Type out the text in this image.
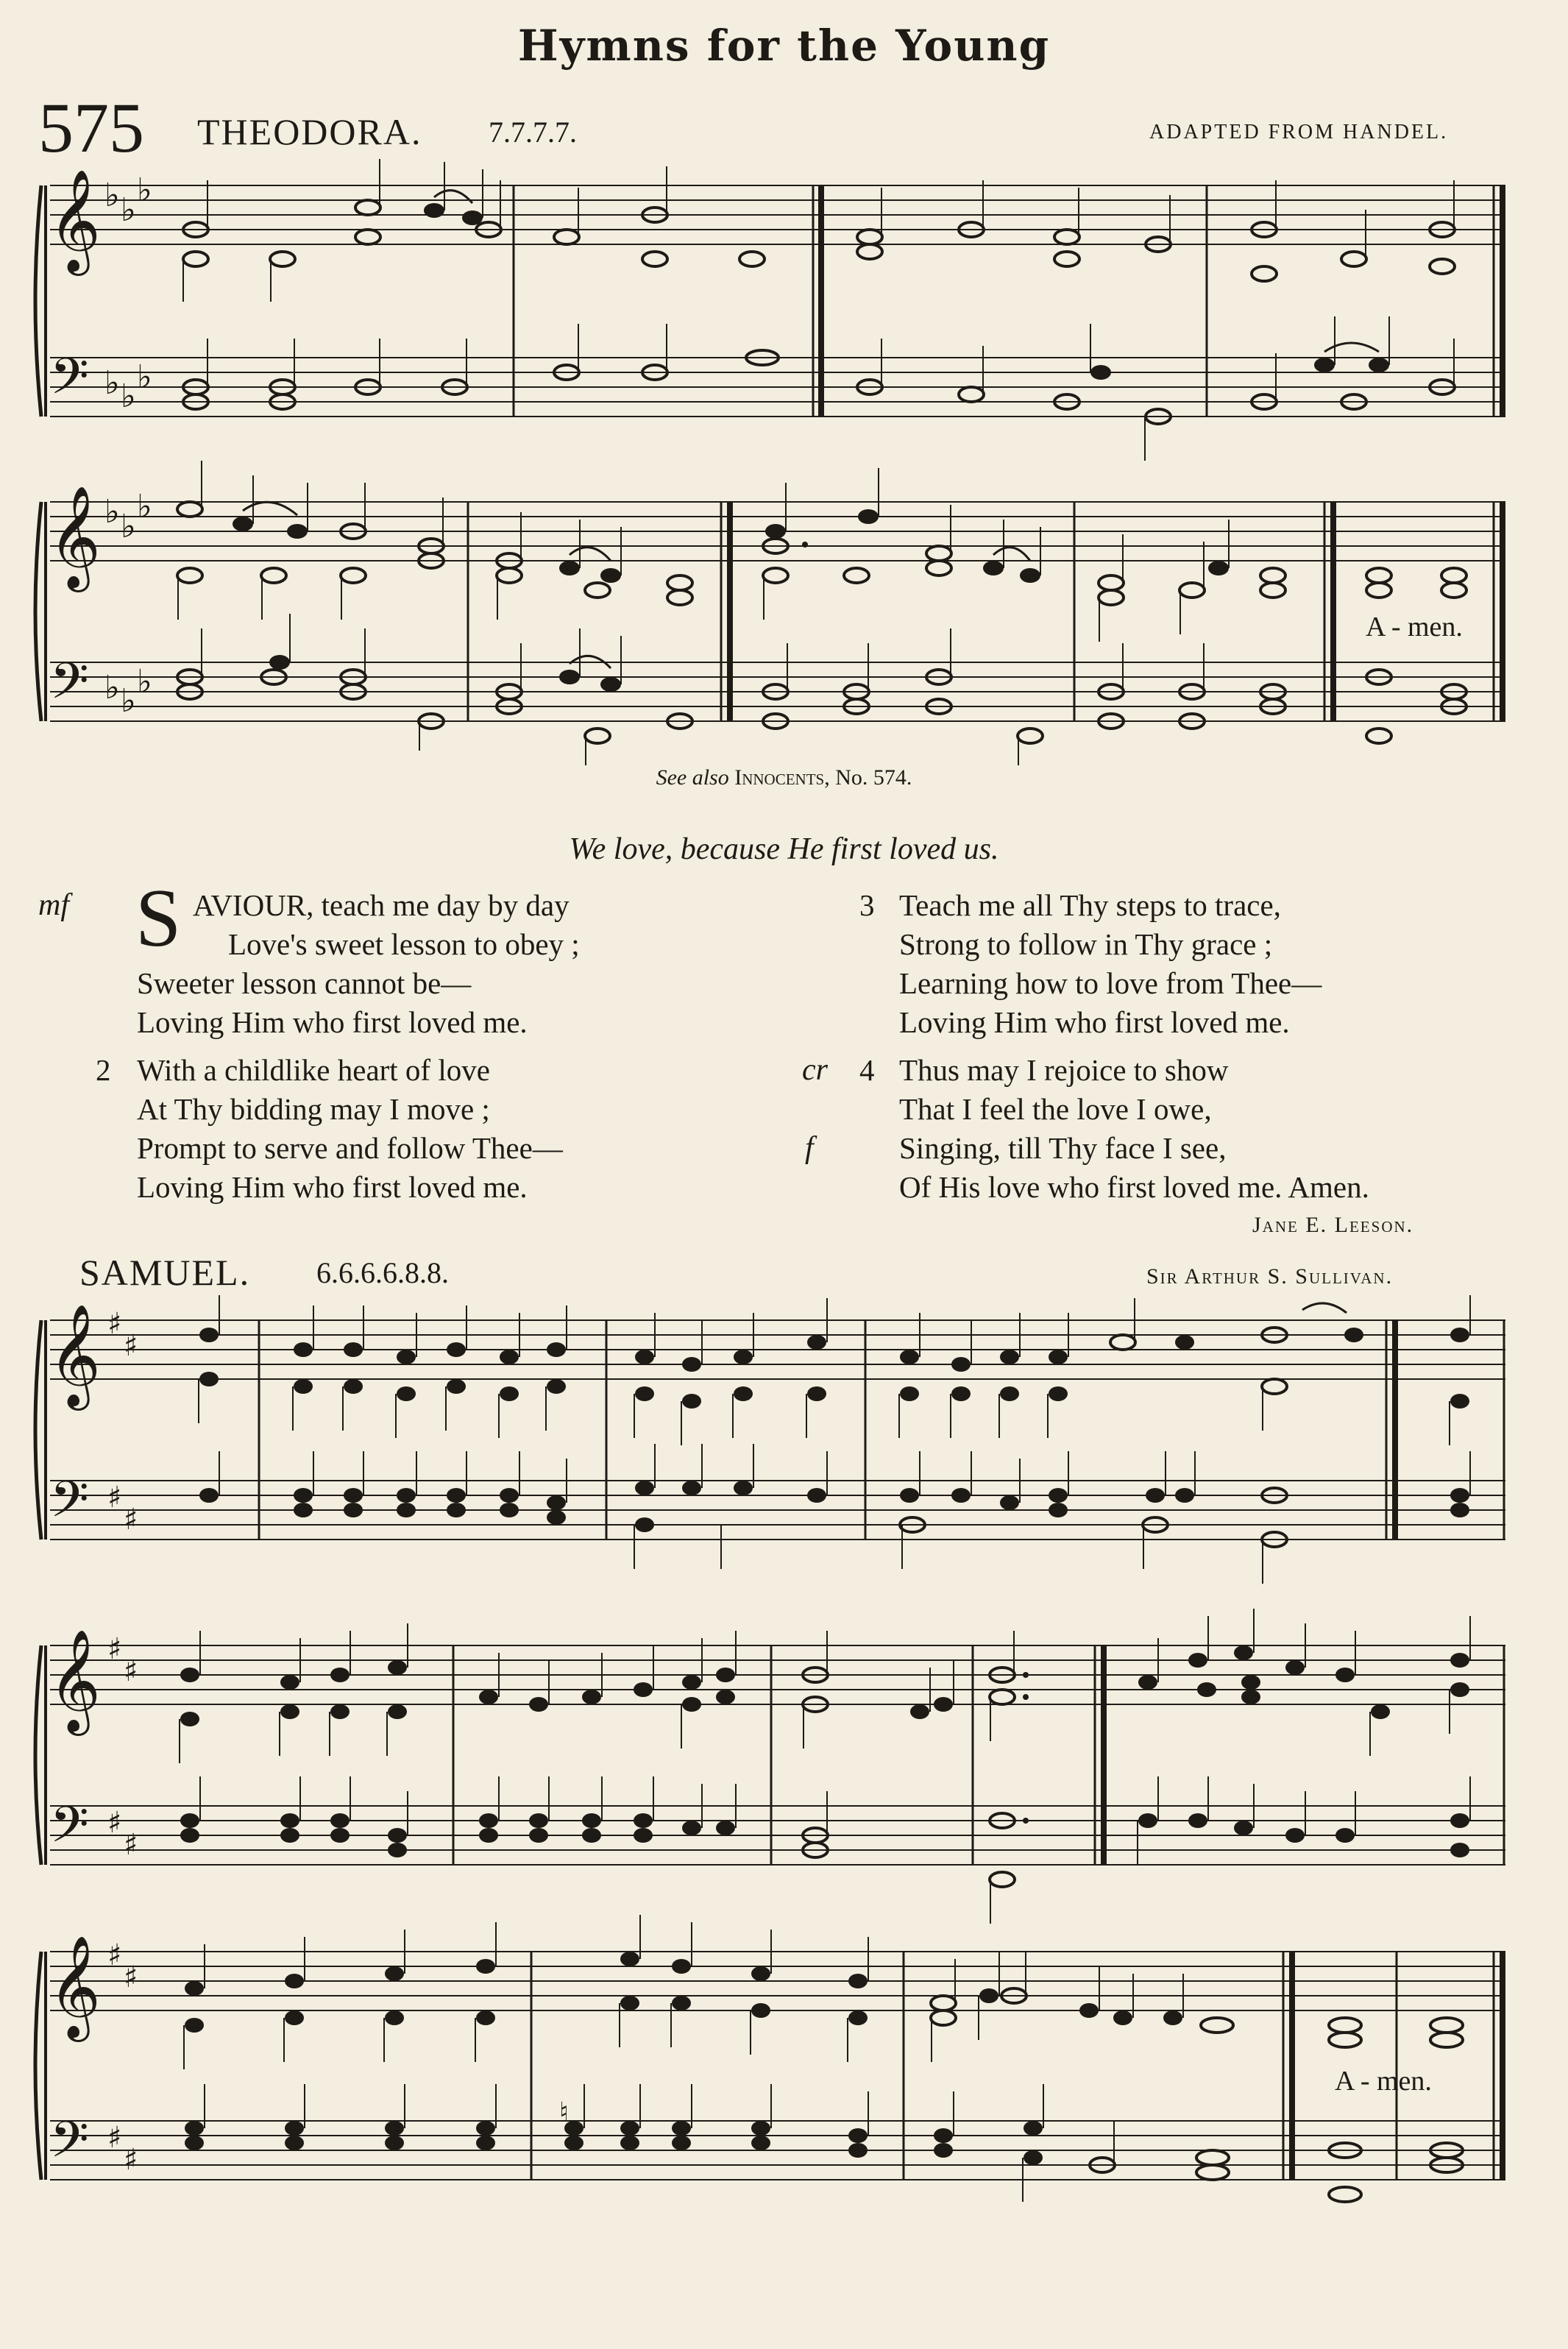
Hymns for the Young
575 THEODORA. 7.7.7.7.	ADAPTED FROM HANDEL.
𝄞
𝄢
♭ ♭
♭
♭ ♭
♭
𝄞
𝄢
♭ ♭
♭
♭ ♭
♭
A - men.
See also Innocents, No. 574.
We love, because He first loved us.
mf S AVIOUR, teach me day by day
Love's sweet lesson to obey ;
Sweeter lesson cannot be—
Loving Him who first loved me.
2 With a childlike heart of love
At Thy bidding may I move ;
Prompt to serve and follow Thee—
Loving Him who first loved me.
3 Teach me all Thy steps to trace,
Strong to follow in Thy grace ;
Learning how to love from Thee—
Loving Him who first loved me.
cr 4
f
Thus may I rejoice to show
That I feel the love I owe,
Singing, till Thy face I see,
Of His love who first loved me. Amen.
Jane E. Leeson.
SAMUEL. 6.6.6.6.8.8.	Sir Arthur S. Sullivan.
𝄞
𝄢
♯
♯
♯
♯
𝄞
𝄢
♯
♯
♯
♯
𝄞
𝄢
♯
♯
♯
♯
♮
A - men.
